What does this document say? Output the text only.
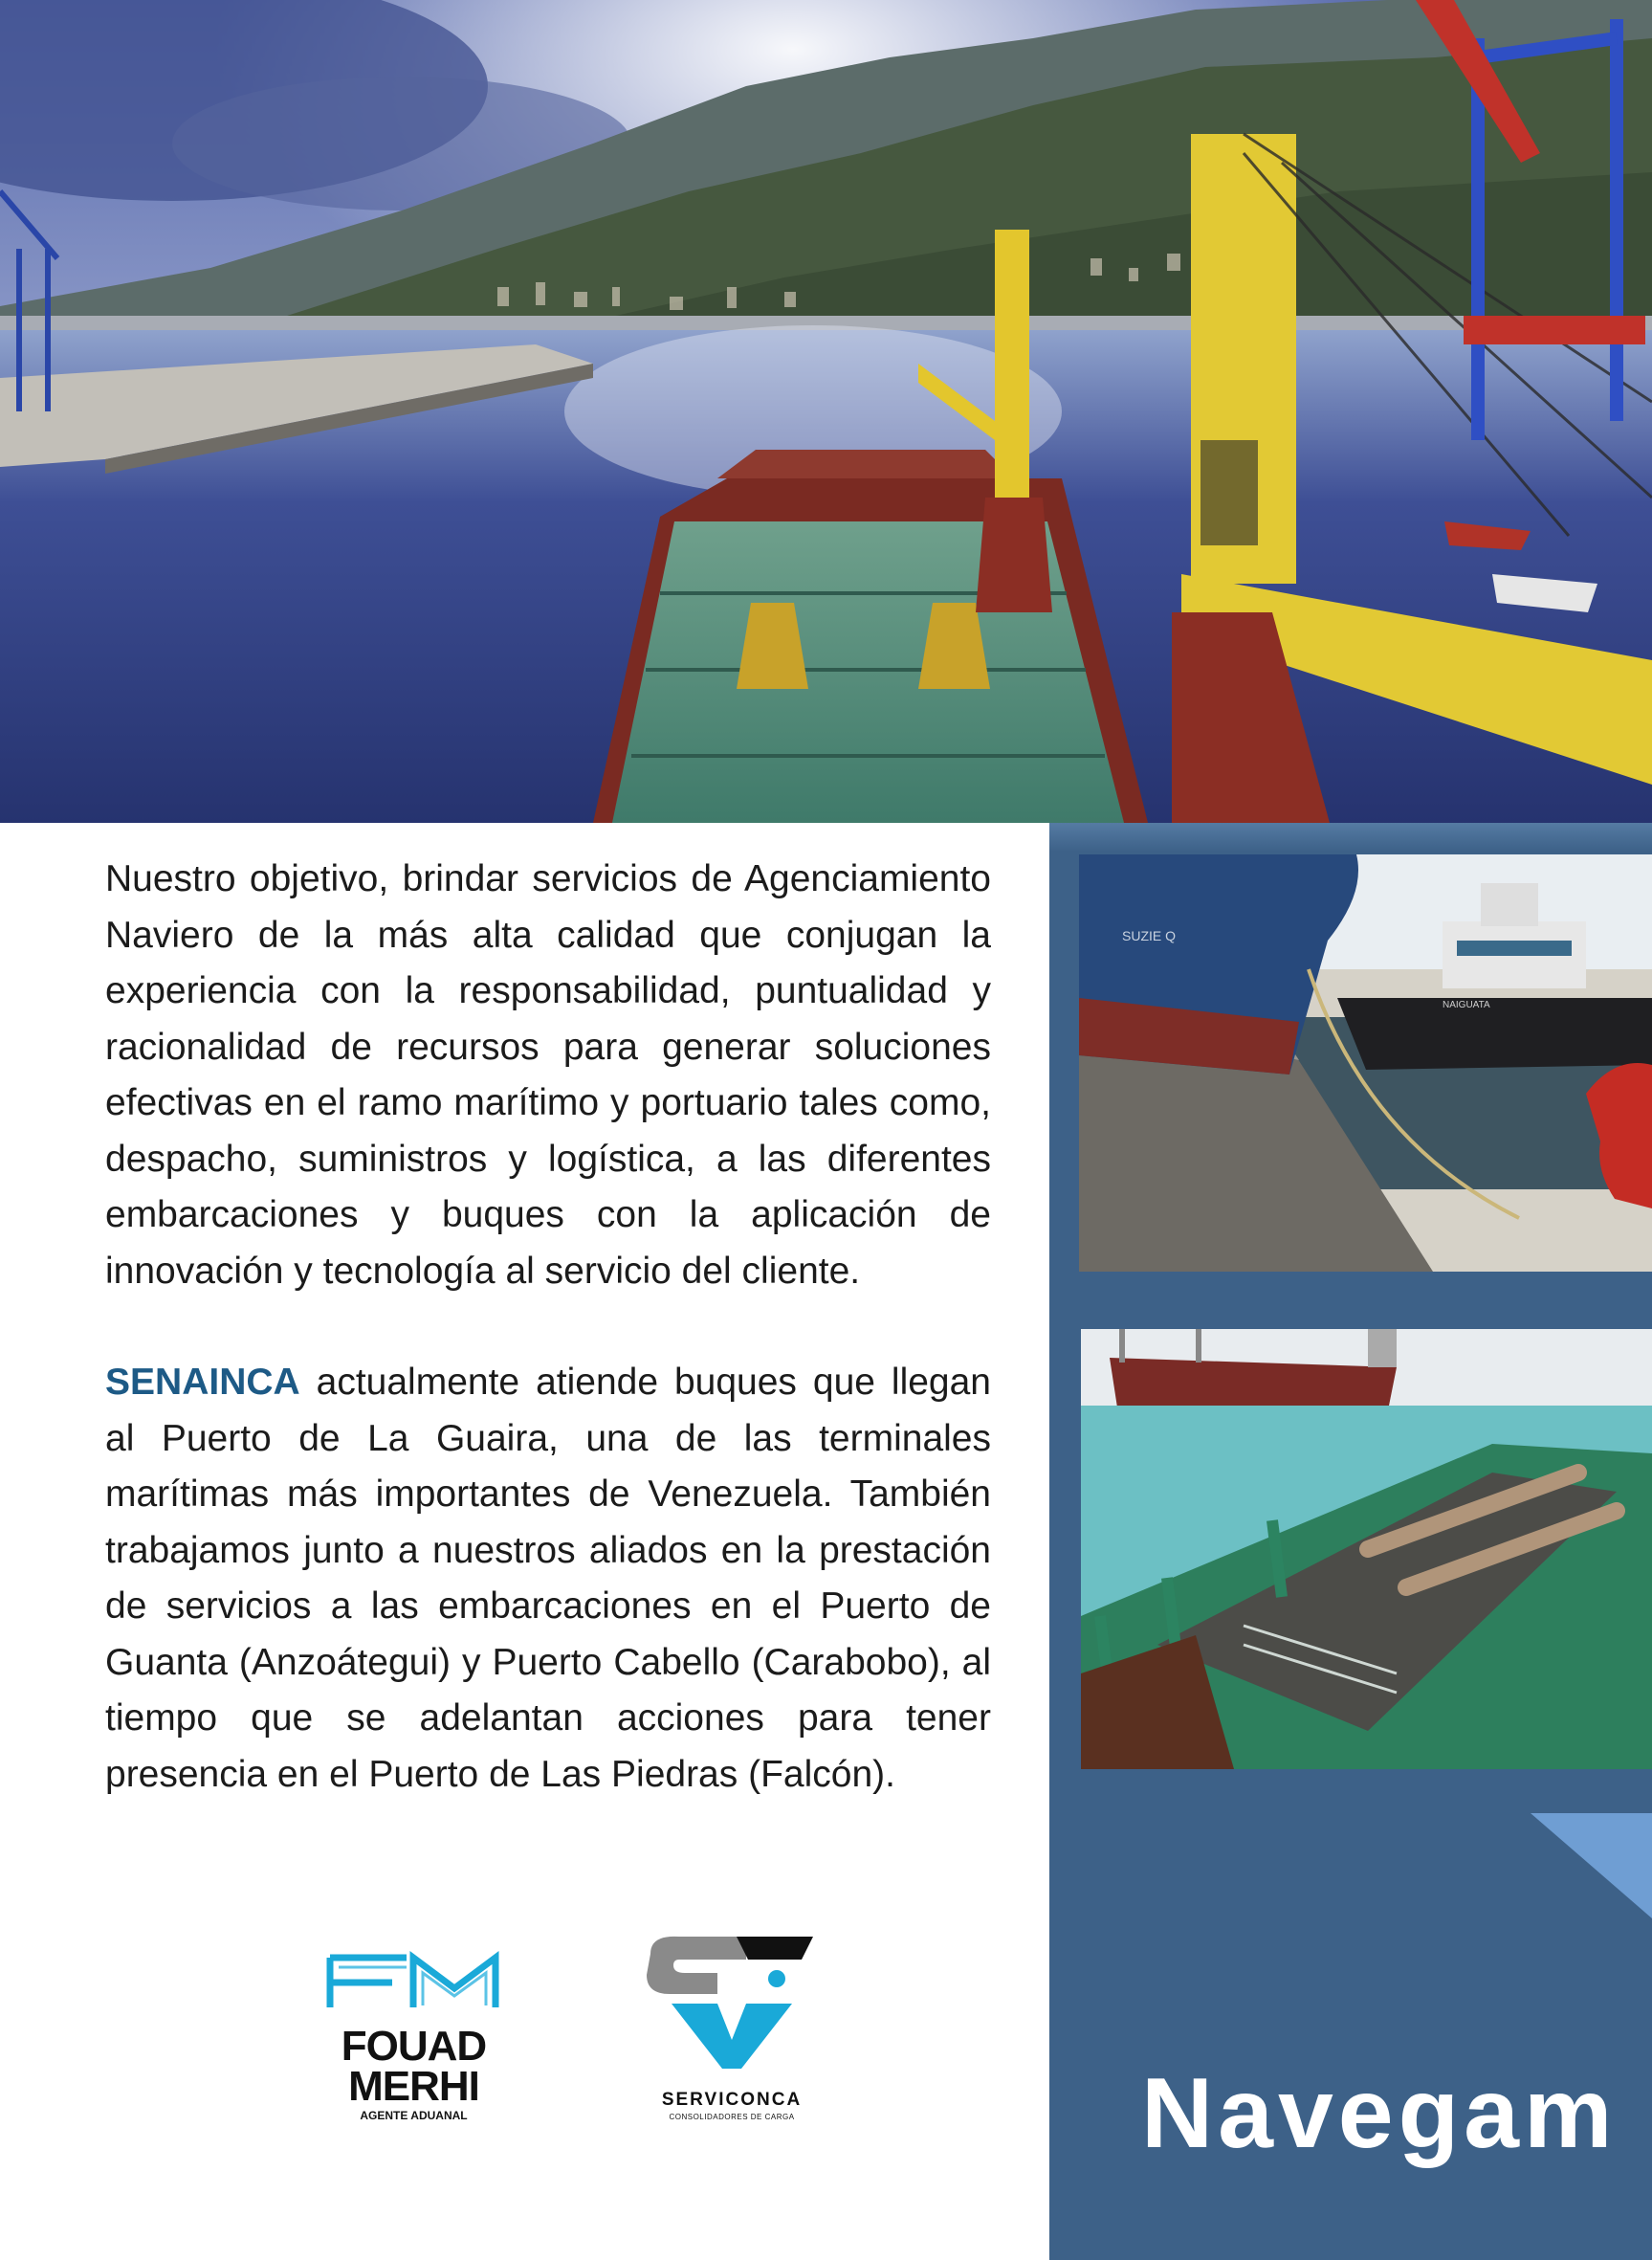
Nuestro objetivo, brindar servicios de Agenciamiento Naviero de la más alta calidad que conjugan la experiencia con la responsabilidad, puntualidad y racionalidad de recursos para generar soluciones efectivas en el ramo marítimo y portuario tales como, despacho, suministros y logística, a las diferentes embarcaciones y buques con la aplicación de innovación y tecnología al servicio del cliente.

SENAINCA actualmente atiende buques que llegan al Puerto de La Guaira, una de las terminales marítimas más importantes de Venezuela. También trabajamos junto a nuestros aliados en la prestación de servicios a las embarcaciones en el Puerto de Guanta (Anzoátegui) y Puerto Cabello (Carabobo), al tiempo que se adelantan acciones para tener presencia en el Puerto de Las Piedras (Falcón).

FOUAD
MERHI
AGENTE ADUANAL
SERVICONCA
CONSOLIDADORES DE CARGA
SUZIE Q
NAIGUATA
Navegam
